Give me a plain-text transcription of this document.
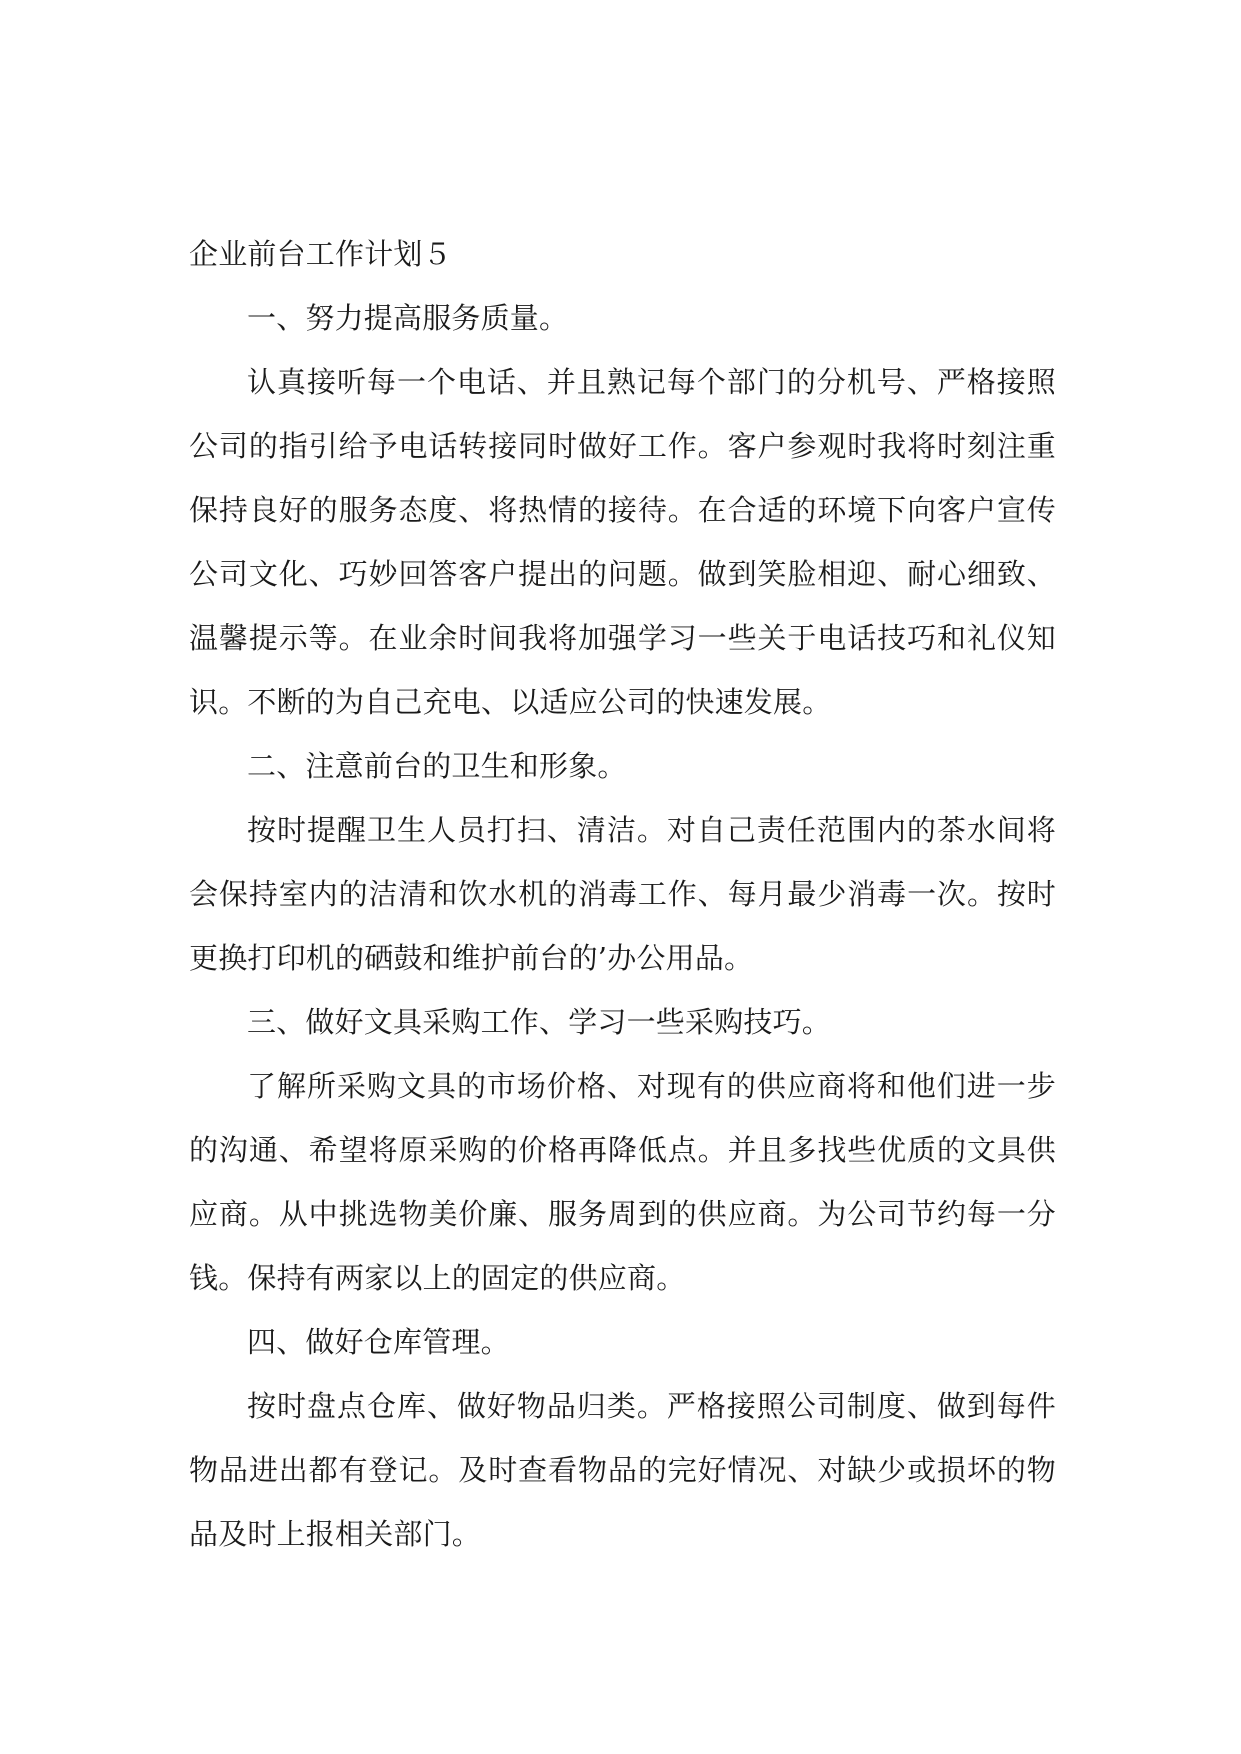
企业前台工作计划５

一、努力提高服务质量。

认真接听每一个电话、并且熟记每个部门的分机号、严格接照公司的指引给予电话转接同时做好工作。客户参观时我将时刻注重保持良好的服务态度、将热情的接待。在合适的环境下向客户宣传公司文化、巧妙回答客户提出的问题。做到笑脸相迎、耐心细致、温馨提示等。在业余时间我将加强学习一些关于电话技巧和礼仪知识。不断的为自己充电、以适应公司的快速发展。

二、注意前台的卫生和形象。

按时提醒卫生人员打扫、清洁。对自己责任范围内的茶水间将会保持室内的洁清和饮水机的消毒工作、每月最少消毒一次。按时更换打印机的硒鼓和维护前台的’办公用品。

三、做好文具采购工作、学习一些采购技巧。

了解所采购文具的市场价格、对现有的供应商将和他们进一步的沟通、希望将原采购的价格再降低点。并且多找些优质的文具供应商。从中挑选物美价廉、服务周到的供应商。为公司节约每一分钱。保持有两家以上的固定的供应商。

四、做好仓库管理。

按时盘点仓库、做好物品归类。严格接照公司制度、做到每件物品进出都有登记。及时查看物品的完好情况、对缺少或损坏的物品及时上报相关部门。
